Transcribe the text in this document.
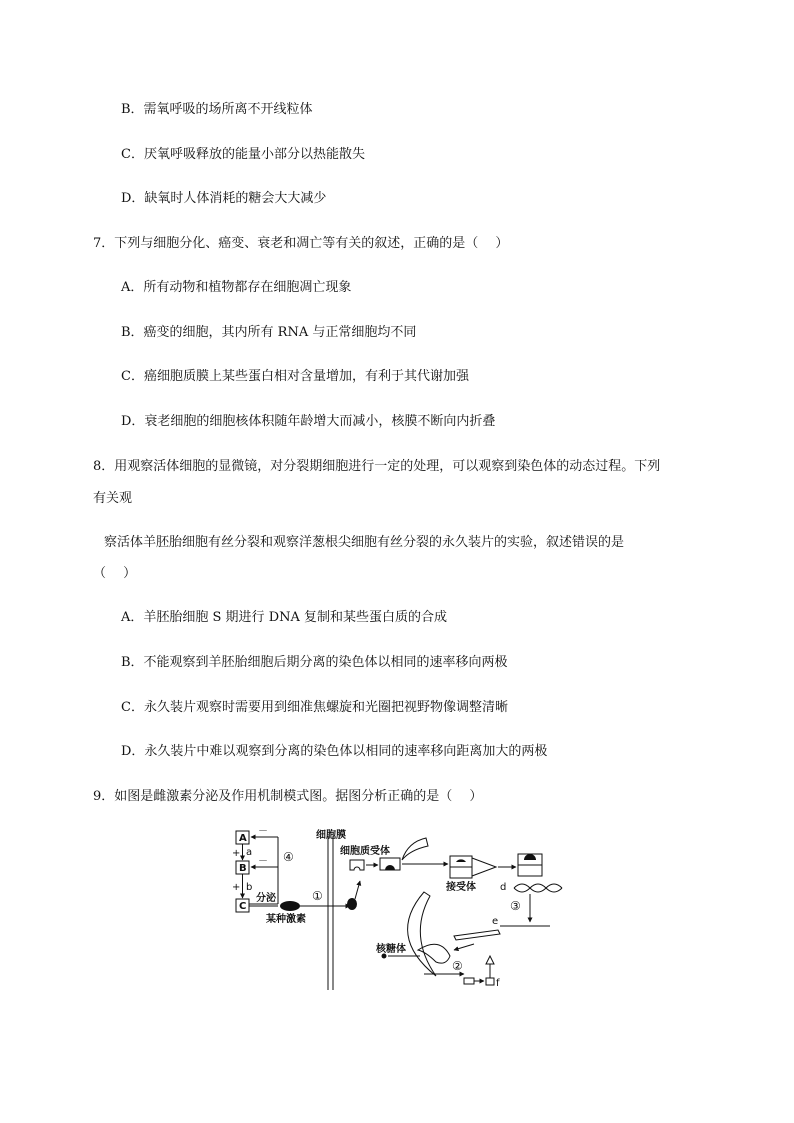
B．需氧呼吸的场所离不开线粒体
C．厌氧呼吸释放的能量小部分以热能散失
D．缺氧时人体消耗的糖会大大减少
7．下列与细胞分化、癌变、衰老和凋亡等有关的叙述，正确的是（　 ）
A．所有动物和植物都存在细胞凋亡现象
B．癌变的细胞，其内所有 RNA 与正常细胞均不同
C．癌细胞质膜上某些蛋白相对含量增加，有利于其代谢加强
D．衰老细胞的细胞核体积随年龄增大而减小，核膜不断向内折叠
8．用观察活体细胞的显微镜，对分裂期细胞进行一定的处理，可以观察到染色体的动态过程。下列
有关观
察活体羊胚胎细胞有丝分裂和观察洋葱根尖细胞有丝分裂的永久装片的实验，叙述错误的是
（　 ）
A．羊胚胎细胞 S 期进行 DNA 复制和某些蛋白质的合成
B．不能观察到羊胚胎细胞后期分离的染色体以相同的速率移向两极
C．永久装片观察时需要用到细准焦螺旋和光圈把视野物像调整清晰
D．永久装片中难以观察到分离的染色体以相同的速率移向距离加大的两极
9．如图是雌激素分泌及作用机制模式图。据图分析正确的是（　 ）
A
B
C
a
b
+
+
－
－ ④
分泌	①
某种激素
细胞膜
细胞质受体
接受体 d
③
e
核糖体
②
f
